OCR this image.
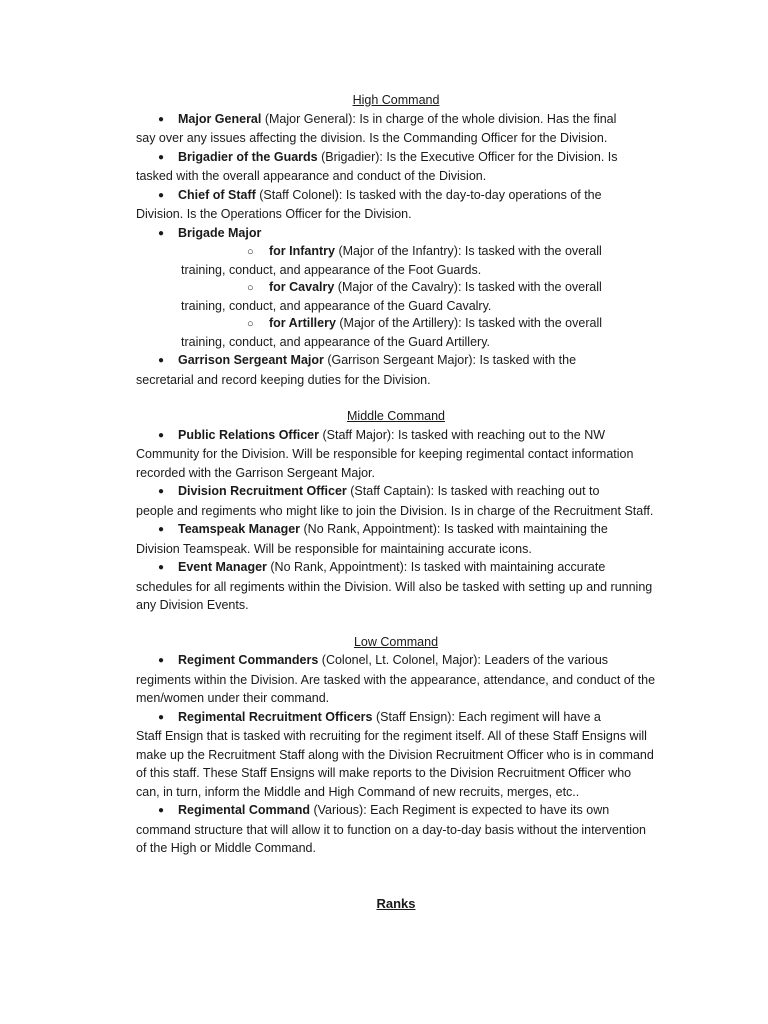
High Command
● Major General (Major General): Is in charge of the whole division. Has the final
say over any issues affecting the division. Is the Commanding Officer for the Division.
● Brigadier of the Guards (Brigadier): Is the Executive Officer for the Division. Is
tasked with the overall appearance and conduct of the Division.
● Chief of Staff (Staff Colonel): Is tasked with the day-to-day operations of the
Division. Is the Operations Officer for the Division.
● Brigade Major
○ for Infantry (Major of the Infantry): Is tasked with the overall
training, conduct, and appearance of the Foot Guards.
○ for Cavalry (Major of the Cavalry): Is tasked with the overall
training, conduct, and appearance of the Guard Cavalry.
○ for Artillery (Major of the Artillery): Is tasked with the overall
training, conduct, and appearance of the Guard Artillery.
● Garrison Sergeant Major (Garrison Sergeant Major): Is tasked with the
secretarial and record keeping duties for the Division.
Middle Command
● Public Relations Officer (Staff Major): Is tasked with reaching out to the NW
Community for the Division. Will be responsible for keeping regimental contact information recorded with the Garrison Sergeant Major.
● Division Recruitment Officer (Staff Captain): Is tasked with reaching out to
people and regiments who might like to join the Division. Is in charge of the Recruitment Staff.
● Teamspeak Manager (No Rank, Appointment): Is tasked with maintaining the
Division Teamspeak. Will be responsible for maintaining accurate icons.
● Event Manager (No Rank, Appointment): Is tasked with maintaining accurate
schedules for all regiments within the Division. Will also be tasked with setting up and running any Division Events.
Low Command
● Regiment Commanders (Colonel, Lt. Colonel, Major): Leaders of the various
regiments within the Division. Are tasked with the appearance, attendance, and conduct of the men/women under their command.
● Regimental Recruitment Officers (Staff Ensign): Each regiment will have a
Staff Ensign that is tasked with recruiting for the regiment itself. All of these Staff Ensigns will make up the Recruitment Staff along with the Division Recruitment Officer who is in command of this staff. These Staff Ensigns will make reports to the Division Recruitment Officer who can, in turn, inform the Middle and High Command of new recruits, merges, etc..
● Regimental Command (Various): Each Regiment is expected to have its own
command structure that will allow it to function on a day-to-day basis without the intervention of the High or Middle Command.
Ranks
